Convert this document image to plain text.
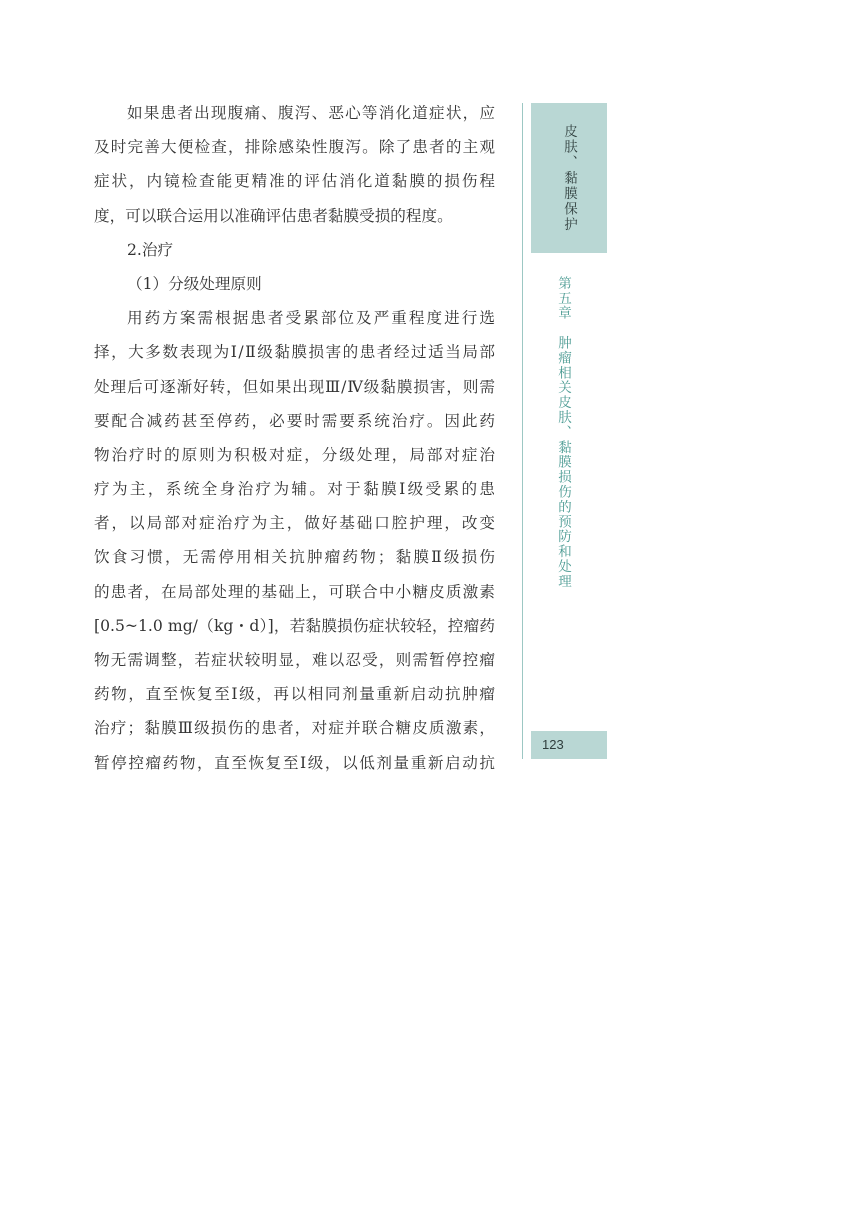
如果患者出现腹痛、腹泻、恶心等消化道症状，应
及时完善大便检查，排除感染性腹泻。除了患者的主观
症状，内镜检查能更精准的评估消化道黏膜的损伤程
度，可以联合运用以准确评估患者黏膜受损的程度。
2.治疗
（1）分级处理原则
用药方案需根据患者受累部位及严重程度进行选
择，大多数表现为Ⅰ/Ⅱ级黏膜损害的患者经过适当局部
处理后可逐渐好转，但如果出现Ⅲ/Ⅳ级黏膜损害，则需
要配合减药甚至停药，必要时需要系统治疗。因此药
物治疗时的原则为积极对症，分级处理，局部对症治
疗为主，系统全身治疗为辅。对于黏膜Ⅰ级受累的患
者，以局部对症治疗为主，做好基础口腔护理，改变
饮食习惯，无需停用相关抗肿瘤药物；黏膜Ⅱ级损伤
的患者，在局部处理的基础上，可联合中小糖皮质激素
[0.5~1.0 mg/（kg・d）]，若黏膜损伤症状较轻，控瘤药
物无需调整，若症状较明显，难以忍受，则需暂停控瘤
药物，直至恢复至Ⅰ级，再以相同剂量重新启动抗肿瘤
治疗；黏膜Ⅲ级损伤的患者，对症并联合糖皮质激素，
暂停控瘤药物，直至恢复至Ⅰ级，以低剂量重新启动抗
皮肤、黏膜保护
第五章　肿瘤相关皮肤、黏膜损伤的预防和处理
123
